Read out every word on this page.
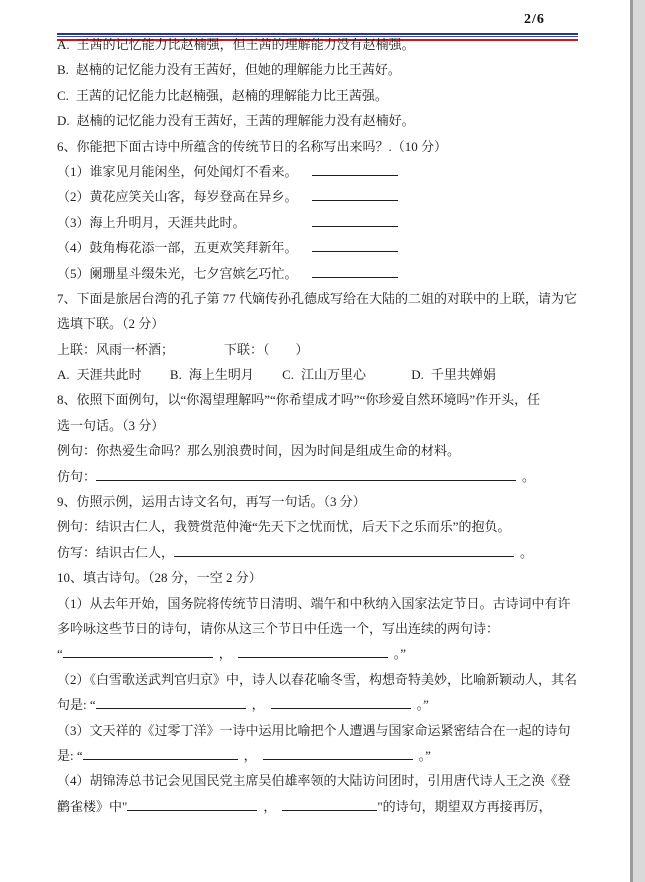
2/6
A. 王茜的记忆能力比赵楠强，但王茜的理解能力没有赵楠强。
B. 赵楠的记忆能力没有王茜好，但她的理解能力比王茜好。
C. 王茜的记忆能力比赵楠强，赵楠的理解能力比王茜强。
D. 赵楠的记忆能力没有王茜好，王茜的理解能力没有赵楠好。
6、你能把下面古诗中所蕴含的传统节日的名称写出来吗？.（10 分）
（1）谁家见月能闲坐，何处闻灯不看来。
（2）黄花应笑关山客，每岁登高在异乡。
（3）海上升明月，天涯共此时。
（4）鼓角梅花添一部，五更欢笑拜新年。
（5）阑珊星斗缀朱光，七夕宫嫔乞巧忙。
7、下面是旅居台湾的孔子第 77 代嫡传孙孔德成写给在大陆的二姐的对联中的上联，请为它
选填下联。（2 分）
上联：风雨一杯酒；	下联：（　　）
A. 天涯共此时 B. 海上生明月 C. 江山万里心	D. 千里共婵娟
8、依照下面例句，以“你渴望理解吗”“你希望成才吗”“你珍爱自然环境吗”作开头，任
选一句话。（3 分）
例句：你热爱生命吗？那么别浪费时间，因为时间是组成生命的材料。
仿句：	。
9、仿照示例，运用古诗文名句，再写一句话。（3 分）
例句：结识古仁人，我赞赏范仲淹“先天下之忧而忧，后天下之乐而乐”的抱负。
仿写：结识古仁人，	。
10、填古诗句。（28 分，一空 2 分）
（1）从去年开始，国务院将传统节日清明、端午和中秋纳入国家法定节日。古诗词中有许
多吟咏这些节日的诗句，请你从这三个节日中任选一个，写出连续的两句诗：
“	，	。”
（2）《白雪歌送武判官归京》中，诗人以春花喻冬雪，构想奇特美妙，比喻新颖动人，其名
句是: “	，	。”
（3）文天祥的《过零丁洋》一诗中运用比喻把个人遭遇与国家命运紧密结合在一起的诗句
是: “	，	。”
（4）胡锦涛总书记会见国民党主席吴伯雄率领的大陆访问团时，引用唐代诗人王之涣《登
鹳雀楼》中"	，	"的诗句，期望双方再接再厉，
